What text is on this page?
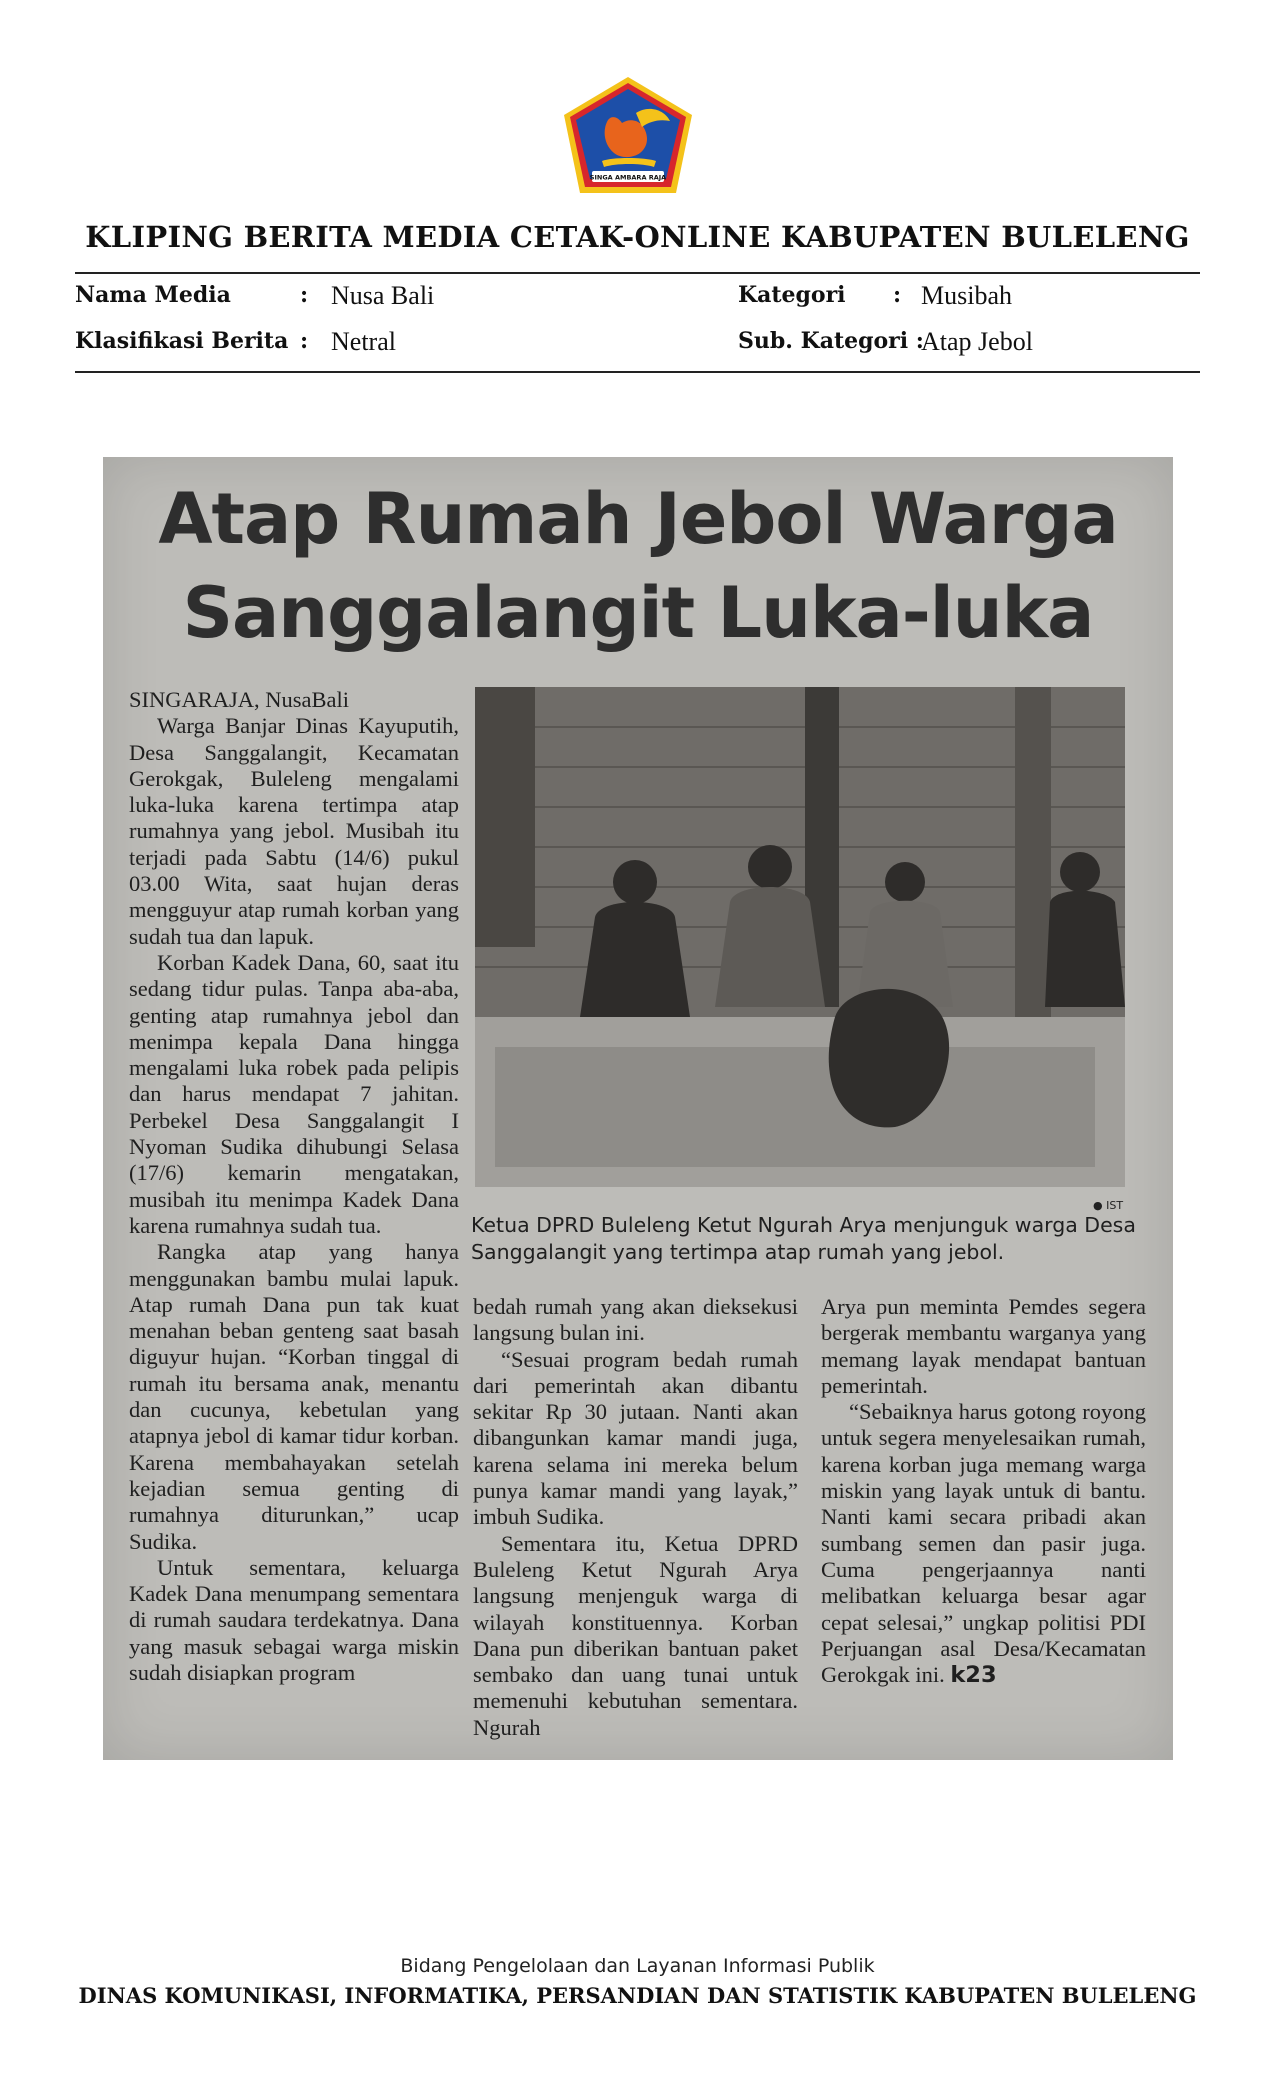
SINGA AMBARA RAJA
KLIPING BERITA MEDIA CETAK-ONLINE KABUPATEN BULELENG
Nama Media	: Nusa Bali
Klasifikasi Berita : Netral
Kategori : Musibah
Sub. Kategori :
Atap Jebol
Atap Rumah Jebol Warga
Sanggalangit Luka-luka

SINGARAJA, NusaBali

Warga Banjar Dinas Kayuputih, Desa Sanggalangit, Kecamatan Gerokgak, Buleleng mengalami luka-luka karena tertimpa atap rumahnya yang jebol. Musibah itu terjadi pada Sabtu (14/6) pukul 03.00 Wita, saat hujan deras mengguyur atap rumah korban yang sudah tua dan lapuk.

Korban Kadek Dana, 60, saat itu sedang tidur pulas. Tanpa aba-aba, genting atap rumahnya jebol dan menimpa kepala Dana hingga mengalami luka robek pada pelipis dan harus mendapat 7 jahitan. Perbekel Desa Sanggalangit I Nyoman Sudika dihubungi Selasa (17/6) kemarin mengatakan, musibah itu menimpa Kadek Dana karena rumahnya sudah tua.

Rangka atap yang hanya menggunakan bambu mulai lapuk. Atap rumah Dana pun tak kuat menahan beban genteng saat basah diguyur hujan. “Korban tinggal di rumah itu bersama anak, menantu dan cucunya, kebetulan yang atapnya jebol di kamar tidur korban. Karena membahayakan setelah kejadian semua genting di rumahnya diturunkan,” ucap Sudika.

Untuk sementara, keluarga Kadek Dana menumpang sementara di rumah saudara terdekatnya. Dana yang masuk sebagai warga miskin sudah disiapkan program

● IST
Ketua DPRD Buleleng Ketut Ngurah Arya menjunguk warga Desa Sanggalangit yang tertimpa atap rumah yang jebol.

bedah rumah yang akan dieksekusi langsung bulan ini.

“Sesuai program bedah rumah dari pemerintah akan dibantu sekitar Rp 30 jutaan. Nanti akan dibangunkan kamar mandi juga, karena selama ini mereka belum punya kamar mandi yang layak,” imbuh Sudika.

Sementara itu, Ketua DPRD Buleleng Ketut Ngurah Arya langsung menjenguk warga di wilayah konstituennya. Korban Dana pun diberikan bantuan paket sembako dan uang tunai untuk memenuhi kebutuhan sementara. Ngurah

Arya pun meminta Pemdes segera bergerak membantu warganya yang memang layak mendapat bantuan pemerintah.

“Sebaiknya harus gotong royong untuk segera menyelesaikan rumah, karena korban juga memang warga miskin yang layak untuk di bantu. Nanti kami secara pribadi akan sumbang semen dan pasir juga. Cuma pengerjaannya nanti melibatkan keluarga besar agar cepat selesai,” ungkap politisi PDI Perjuangan asal Desa/Kecamatan Gerokgak ini. k23

Bidang Pengelolaan dan Layanan Informasi Publik
DINAS KOMUNIKASI, INFORMATIKA, PERSANDIAN DAN STATISTIK KABUPATEN BULELENG
